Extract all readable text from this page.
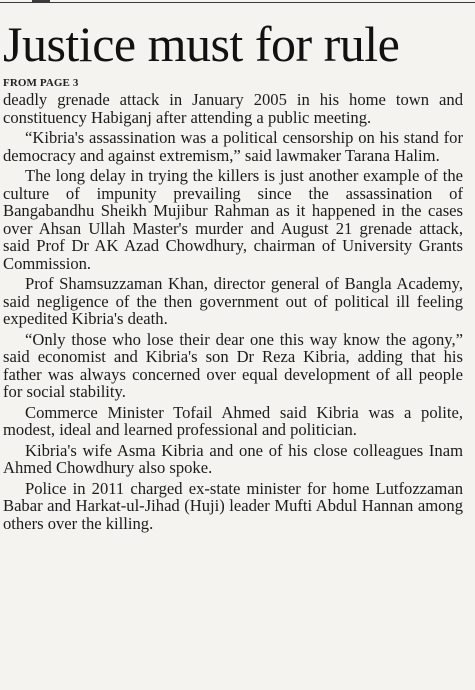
Justice must for rule
FROM PAGE 3

deadly grenade attack in January 2005 in his home town and constituency Habiganj after attending a public meeting.

“Kibria's assassination was a political censorship on his stand for democracy and against extremism,” said lawmaker Tarana Halim.

The long delay in trying the killers is just another example of the culture of impunity prevailing since the assassination of Bangabandhu Sheikh Mujibur Rahman as it happened in the cases over Ahsan Ullah Master's murder and August 21 grenade attack, said Prof Dr AK Azad Chowdhury, chairman of University Grants Commission.

Prof Shamsuzzaman Khan, director general of Bangla Academy, said negligence of the then government out of political ill feeling expedited Kibria's death.

“Only those who lose their dear one this way know the agony,” said economist and Kibria's son Dr Reza Kibria, adding that his father was always concerned over equal development of all people for social stability.

Commerce Minister Tofail Ahmed said Kibria was a polite, modest, ideal and learned professional and politician.

Kibria's wife Asma Kibria and one of his close colleagues Inam Ahmed Chowdhury also spoke.

Police in 2011 charged ex-state minister for home Lutfozzaman Babar and Harkat-ul-Jihad (Huji) leader Mufti Abdul Hannan among others over the killing.
